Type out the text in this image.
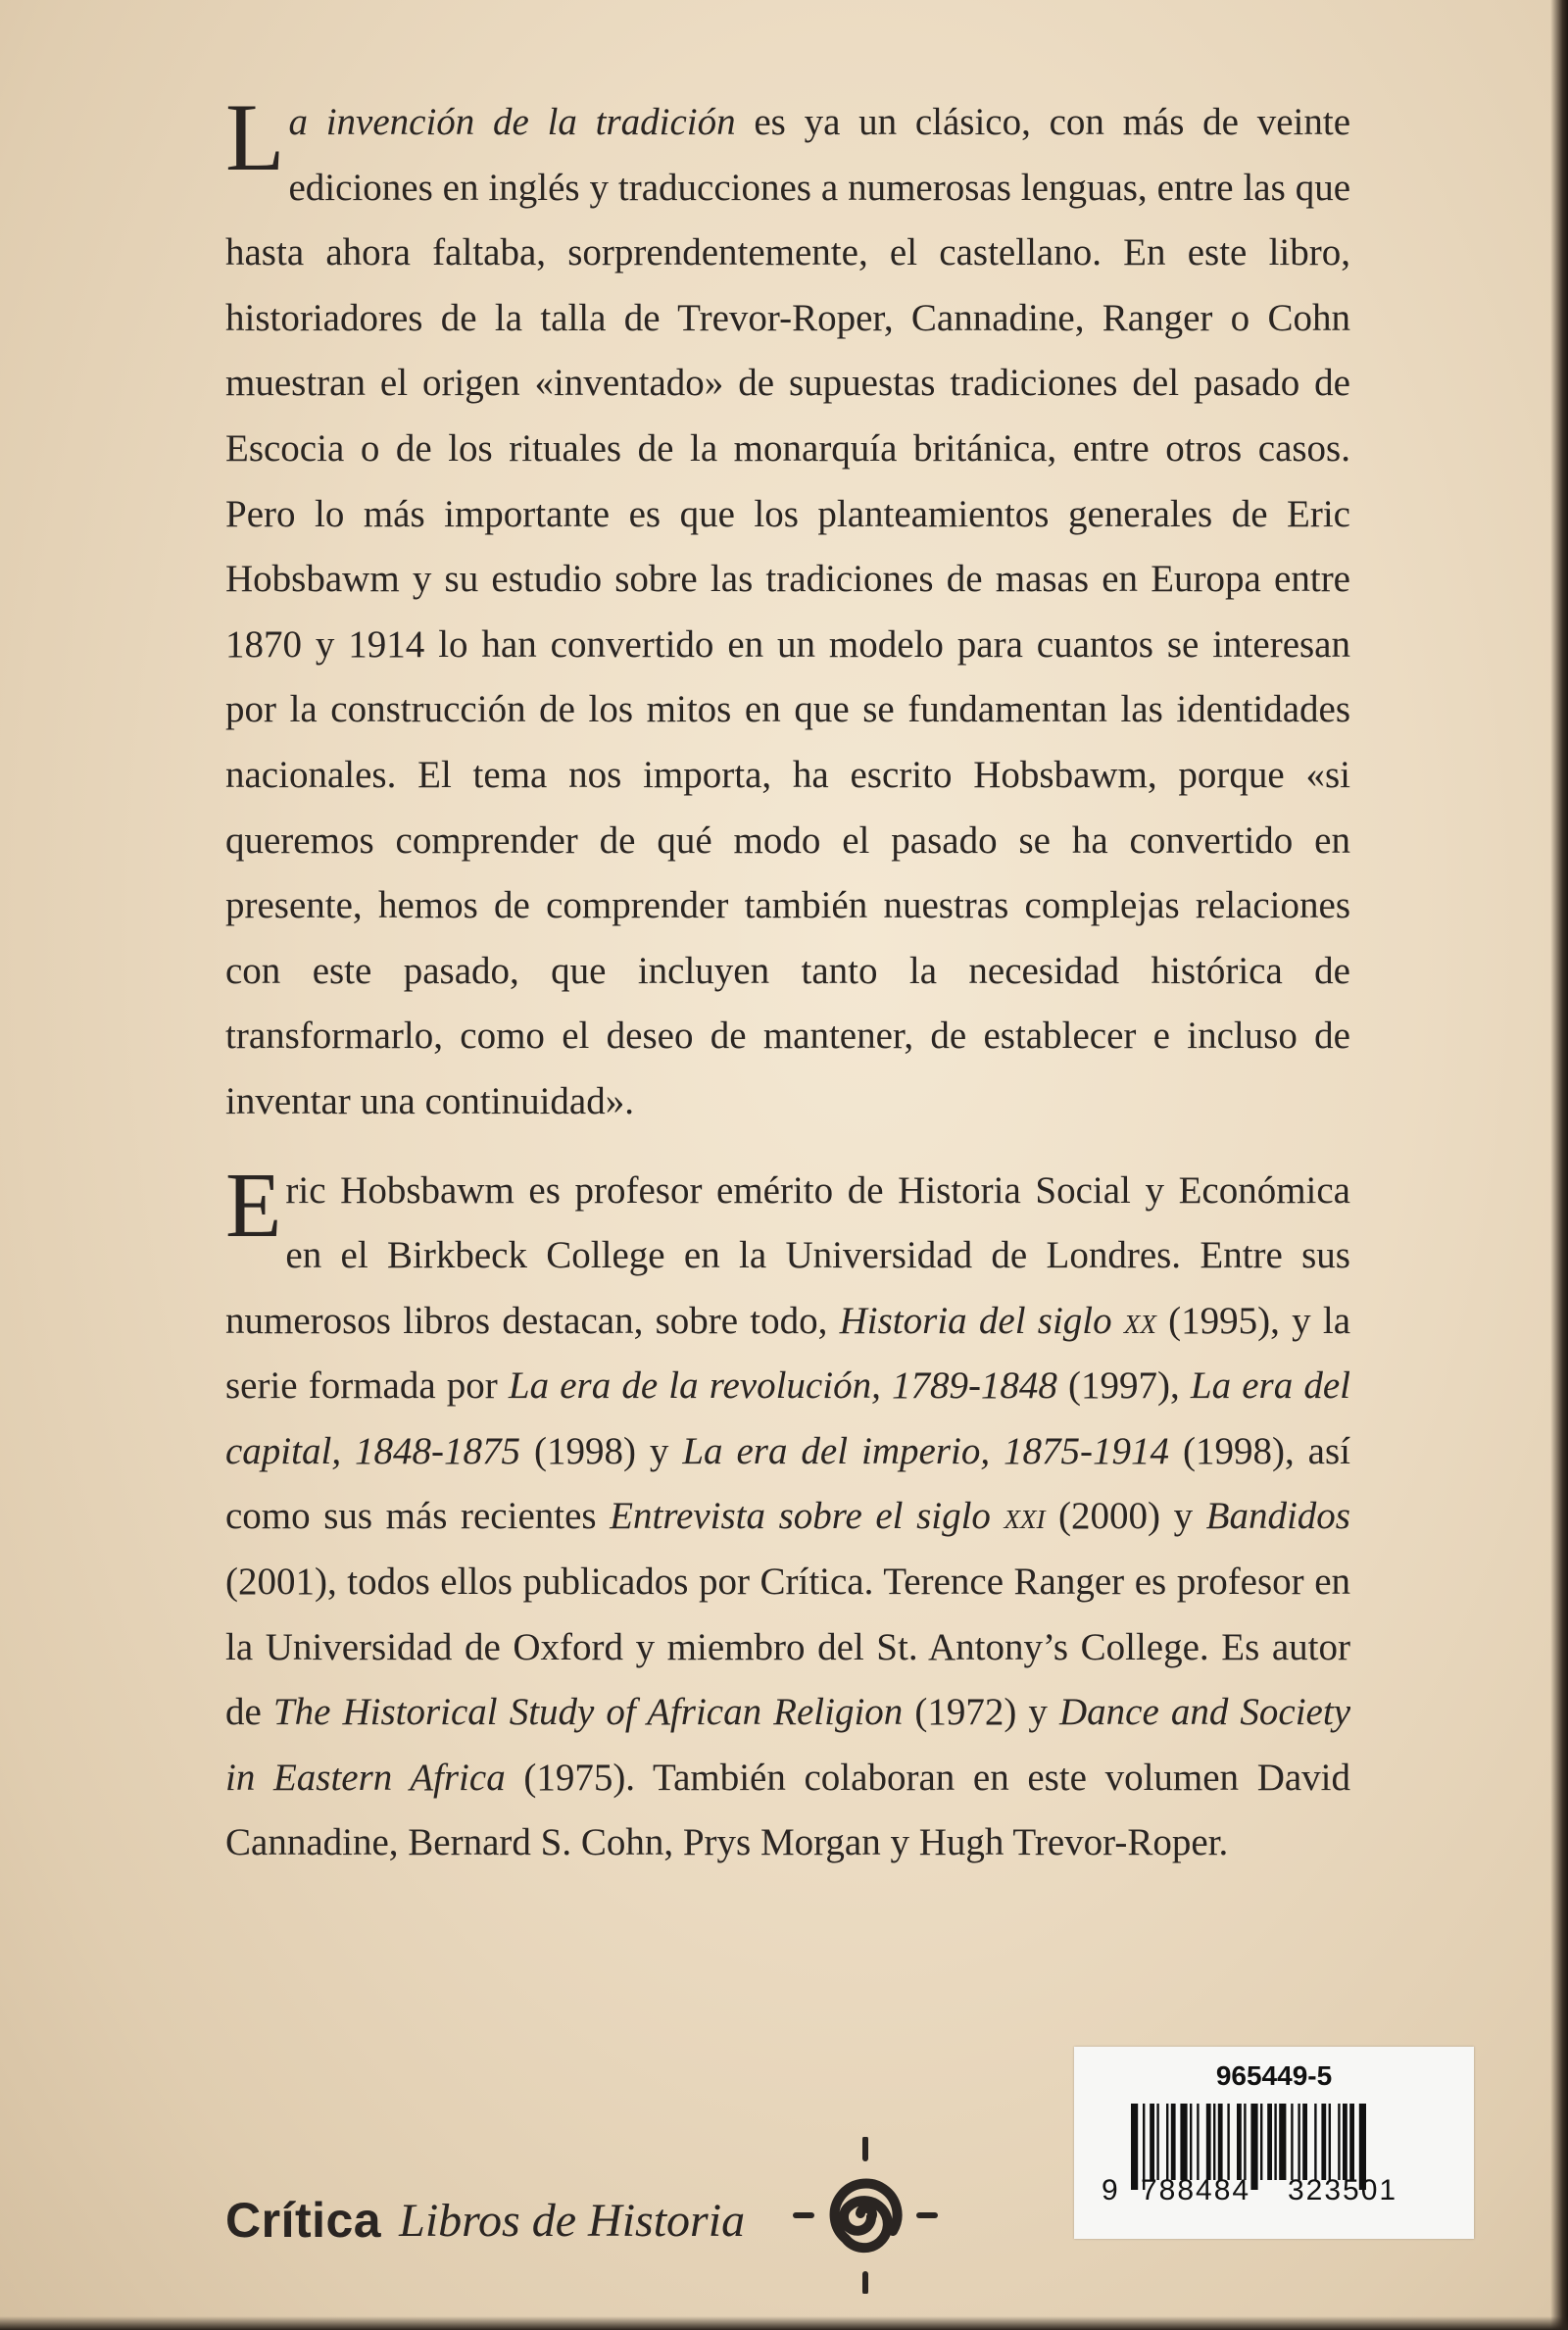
La invención de la tradición es ya un clásico, con más de veinte ediciones en inglés y traducciones a numerosas lenguas, entre las que hasta ahora faltaba, sorprendentemente, el castellano. En este libro, historiadores de la talla de Trevor-Roper, Cannadine, Ranger o Cohn muestran el origen «inventado» de supuestas tradiciones del pasado de Escocia o de los rituales de la monarquía británica, entre otros casos. Pero lo más importante es que los planteamientos generales de Eric Hobsbawm y su estudio sobre las tradiciones de masas en Europa entre 1870 y 1914 lo han convertido en un modelo para cuantos se interesan por la construcción de los mitos en que se fundamentan las identidades nacionales. El tema nos importa, ha escrito Hobsbawm, porque «si queremos comprender de qué modo el pasado se ha convertido en presente, hemos de comprender también nuestras complejas relaciones con este pasado, que incluyen tanto la necesidad histórica de transformarlo, como el deseo de mantener, de establecer e incluso de inventar una continuidad».

Eric Hobsbawm es profesor emérito de Historia Social y Económica en el Birkbeck College en la Universidad de Londres. Entre sus numerosos libros destacan, sobre todo, Historia del siglo xx (1995), y la serie formada por La era de la revolución, 1789-1848 (1997), La era del capital, 1848-1875 (1998) y La era del imperio, 1875-1914 (1998), así como sus más recientes Entrevista sobre el siglo xxi (2000) y Bandidos (2001), todos ellos publicados por Crítica. Terence Ranger es profesor en la Universidad de Oxford y miembro del St. Antony’s College. Es autor de The Historical Study of African Religion (1972) y Dance and Society in Eastern Africa (1975). También colaboran en este volumen David Cannadine, Bernard S. Cohn, Prys Morgan y Hugh Trevor-Roper.

Crítica Libros de Historia
965449-5
9 788484 323501
